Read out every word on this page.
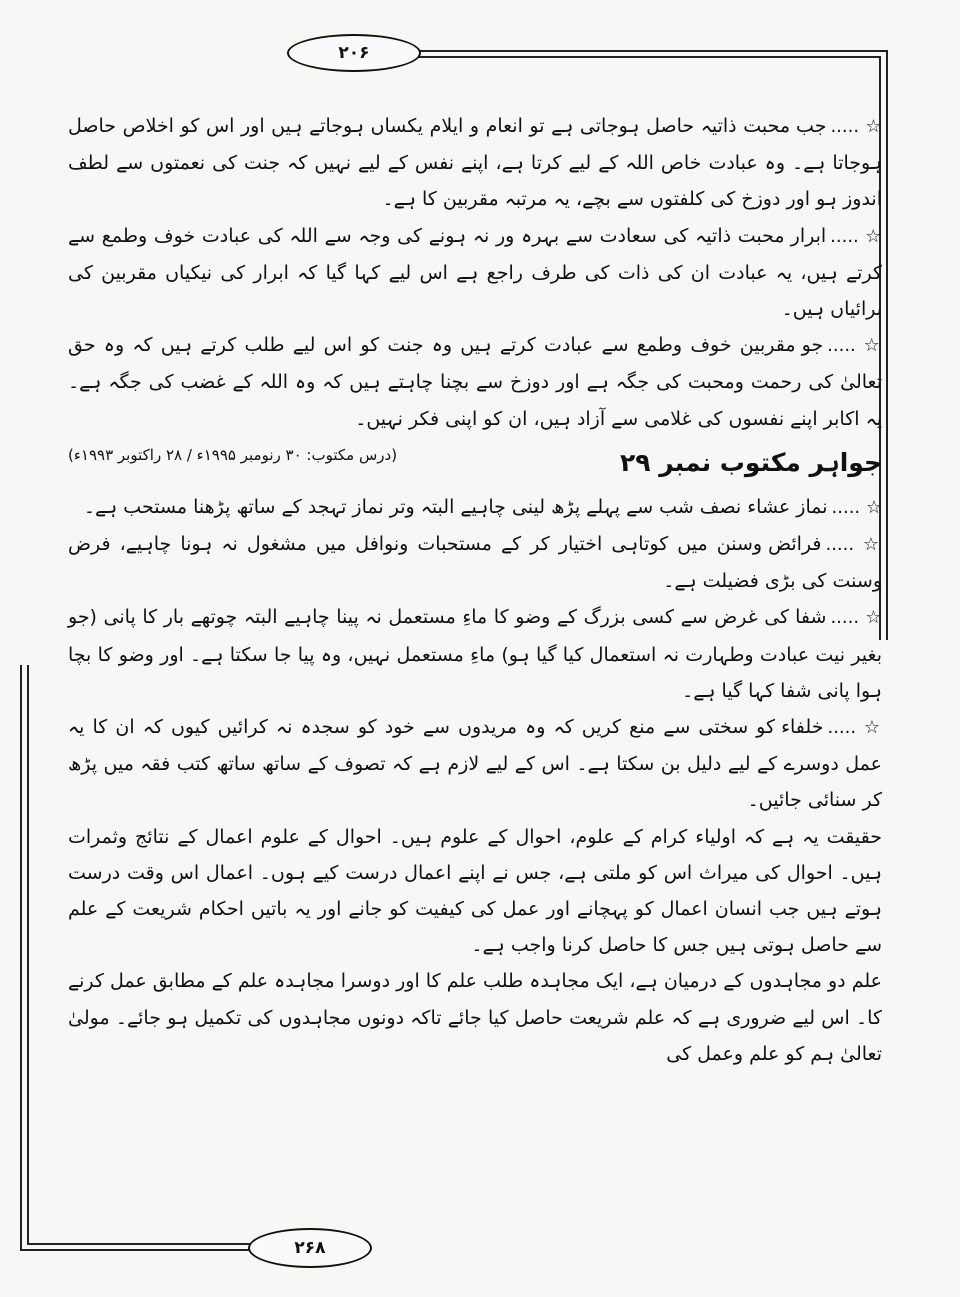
۲۰۶
۲۶۸

☆ .....جب محبت ذاتیہ حاصل ہوجاتی ہے تو انعام و ایلام یکساں ہوجاتے ہیں اور اس کو اخلاص حاصل ہوجاتا ہے۔ وہ عبادت خاص اللہ کے لیے کرتا ہے، اپنے نفس کے لیے نہیں کہ جنت کی نعمتوں سے لطف اندوز ہو اور دوزخ کی کلفتوں سے بچے، یہ مرتبہ مقربین کا ہے۔

☆ .....ابرار محبت ذاتیہ کی سعادت سے بہرہ ور نہ ہونے کی وجہ سے اللہ کی عبادت خوف وطمع سے کرتے ہیں، یہ عبادت ان کی ذات کی طرف راجع ہے اس لیے کہا گیا کہ ابرار کی نیکیاں مقربین کی برائیاں ہیں۔

☆ .....جو مقربین خوف وطمع سے عبادت کرتے ہیں وہ جنت کو اس لیے طلب کرتے ہیں کہ وہ حق تعالیٰ کی رحمت ومحبت کی جگہ ہے اور دوزخ سے بچنا چاہتے ہیں کہ وہ اللہ کے غضب کی جگہ ہے۔ یہ اکابر اپنے نفسوں کی غلامی سے آزاد ہیں، ان کو اپنی فکر نہیں۔
(درس مکتوب: ۳۰ رنومبر ۱۹۹۵ء / ۲۸ راکتوبر ۱۹۹۳ء)	جواہر مکتوب نمبر ۲۹

☆ .....نماز عشاء نصف شب سے پہلے پڑھ لینی چاہیے البتہ وتر نماز تہجد کے ساتھ پڑھنا مستحب ہے۔

☆ .....فرائض وسنن میں کوتاہی اختیار کر کے مستحبات ونوافل میں مشغول نہ ہونا چاہیے، فرض وسنت کی بڑی فضیلت ہے۔

☆ .....شفا کی غرض سے کسی بزرگ کے وضو کا ماءِ مستعمل نہ پینا چاہیے البتہ چوتھے بار کا پانی (جو بغیر نیت عبادت وطہارت نہ استعمال کیا گیا ہو) ماءِ مستعمل نہیں، وہ پیا جا سکتا ہے۔ اور وضو کا بچا ہوا پانی شفا کہا گیا ہے۔

☆ .....خلفاء کو سختی سے منع کریں کہ وہ مریدوں سے خود کو سجدہ نہ کرائیں کیوں کہ ان کا یہ عمل دوسرے کے لیے دلیل بن سکتا ہے۔ اس کے لیے لازم ہے کہ تصوف کے ساتھ ساتھ کتب فقہ میں پڑھ کر سنائی جائیں۔

حقیقت یہ ہے کہ اولیاء کرام کے علوم، احوال کے علوم ہیں۔ احوال کے علوم اعمال کے نتائج وثمرات ہیں۔ احوال کی میراث اس کو ملتی ہے، جس نے اپنے اعمال درست کیے ہوں۔ اعمال اس وقت درست ہوتے ہیں جب انسان اعمال کو پہچانے اور عمل کی کیفیت کو جانے اور یہ باتیں احکام شریعت کے علم سے حاصل ہوتی ہیں جس کا حاصل کرنا واجب ہے۔

علم دو مجاہدوں کے درمیان ہے، ایک مجاہدہ طلب علم کا اور دوسرا مجاہدہ علم کے مطابق عمل کرنے کا۔ اس لیے ضروری ہے کہ علم شریعت حاصل کیا جائے تاکہ دونوں مجاہدوں کی تکمیل ہو جائے۔ مولیٰ تعالیٰ ہم کو علم وعمل کی
